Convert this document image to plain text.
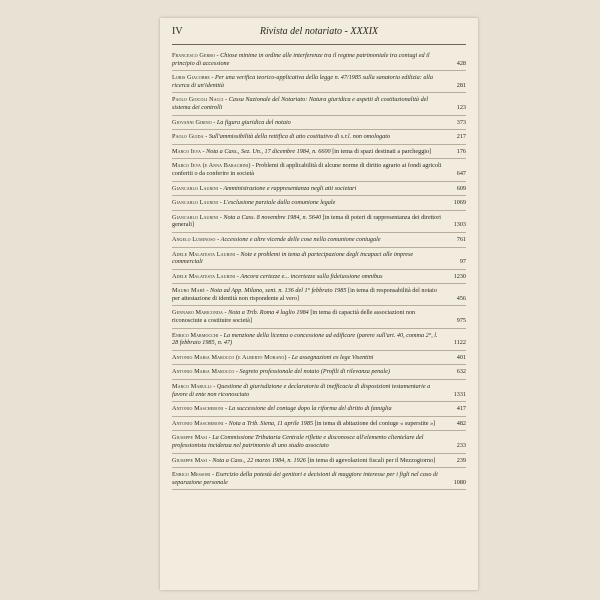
IV	Rivista del notariato - XXXIX
Francesco Gerbo - Chiose minime in ordine alle interferenze tra il regime patrimoniale tra coniugi ed il principio di accessione	428
Loris Giacobbe - Per una verifica teorico-applicativa della legge n. 47/1985 sulla sanatoria edilizia: alla ricerca di un'identità	281
Paolo Giocoli Nacci - Cassa Nazionale del Notariato: Natura giuridica e aspetti di costituzionalità del sistema dei controlli	123
Giovanni Girino - La figura giuridica del notaio	373
Paolo Guida - Sull'ammissibilità della rettifica di atto costitutivo di s.r.l. non omologato	217
Marco Ieva - Nota a Cass., Sez. Un., 17 dicembre 1984, n. 6600 [in tema di spazi destinati a parcheggio]	176
Marco Ieva (e Anna Barachini) - Problemi di applicabilità di alcune norme di diritto agrario ai fondi agricoli conferiti o da conferire in società	647
Giancarlo Laurini - Amministrazione e rappresentanza negli atti societari	609
Giancarlo Laurini - L'esclusione parziale dalla comunione legale	1069
Giancarlo Laurini - Nota a Cass. 8 novembre 1984, n. 5640 [in tema di poteri di rappresentanza dei direttori generali]	1303
Angelo Luminoso - Accessione e altre vicende delle cose nella comunione coniugale	761
Adele Malatesta Laurini - Note e problemi in tema di partecipazione degli incapaci alle imprese commerciali	97
Adele Malatesta Laurini - Ancora certezze e... incertezze sulla fideiussione omnibus	1230
Mauro Maré - Nota ad App. Milano, sent. n. 136 del 1° febbraio 1985 [in tema di responsabilità del notaio per attestazione di identità non rispondente al vero]	456
Gennaro Mariconda - Nota a Trib. Roma 4 luglio 1984 [in tema di capacità delle associazioni non riconosciute a costituire società]	975
Enrico Marmocchi - La menzione della licenza o concessione ad edificare (parere sull'art. 40, comma 2°, l. 28 febbraio 1985, n. 47)	1122
Antonio Maria Marocco (e Alberto Morano) - Le assegnazioni ex lege Visentini	401
Antonio Maria Marocco - Segreto professionale del notaio (Profili di rilevanza penale)	632
Marco Marulli - Questione di giurisdizione e declaratoria di inefficacia di disposizioni testamentarie a favore di ente non riconosciuto	1331
Antonio Mascheroni - La successione del coniuge dopo la riforma del diritto di famiglia	417
Antonio Mascheroni - Nota a Trib. Siena, 11 aprile 1985 [in tema di abitazione del coniuge « superstite »]	482
Giuseppe Masi - La Commissione Tributaria Centrale riflette e disconosce all'elemento clientelare del professionista incidenza nel patrimonio di uno studio associato	233
Giuseppe Masi - Nota a Cass., 22 marzo 1984, n. 1926 [in tema di agevolazioni fiscali per il Mezzogiorno]	239
Enrico Messori - Esercizio della potestà dei genitori e decisioni di maggiore interesse per i figli nel caso di separazione personale	1080
